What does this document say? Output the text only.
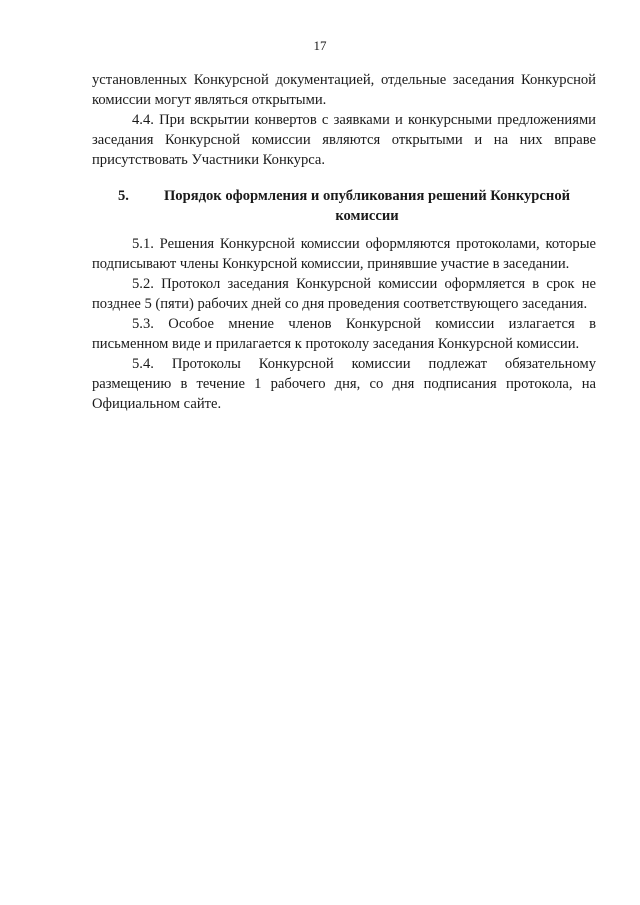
17

установленных Конкурсной документацией, отдельные заседания Конкурсной комиссии могут являться открытыми.

4.4. При вскрытии конвертов с заявками и конкурсными предложениями заседания Конкурсной комиссии являются открытыми и на них вправе присутствовать Участники Конкурса.

5.	Порядок оформления и опубликования решений Конкурсной комиссии

5.1. Решения Конкурсной комиссии оформляются протоколами, которые подписывают члены Конкурсной комиссии, принявшие участие в заседании.

5.2. Протокол заседания Конкурсной комиссии оформляется в срок не позднее 5 (пяти) рабочих дней со дня проведения соответствующего заседания.

5.3. Особое мнение членов Конкурсной комиссии излагается в письменном виде и прилагается к протоколу заседания Конкурсной комиссии.

5.4. Протоколы Конкурсной комиссии подлежат обязательному размещению в течение 1 рабочего дня, со дня подписания протокола, на Официальном сайте.
